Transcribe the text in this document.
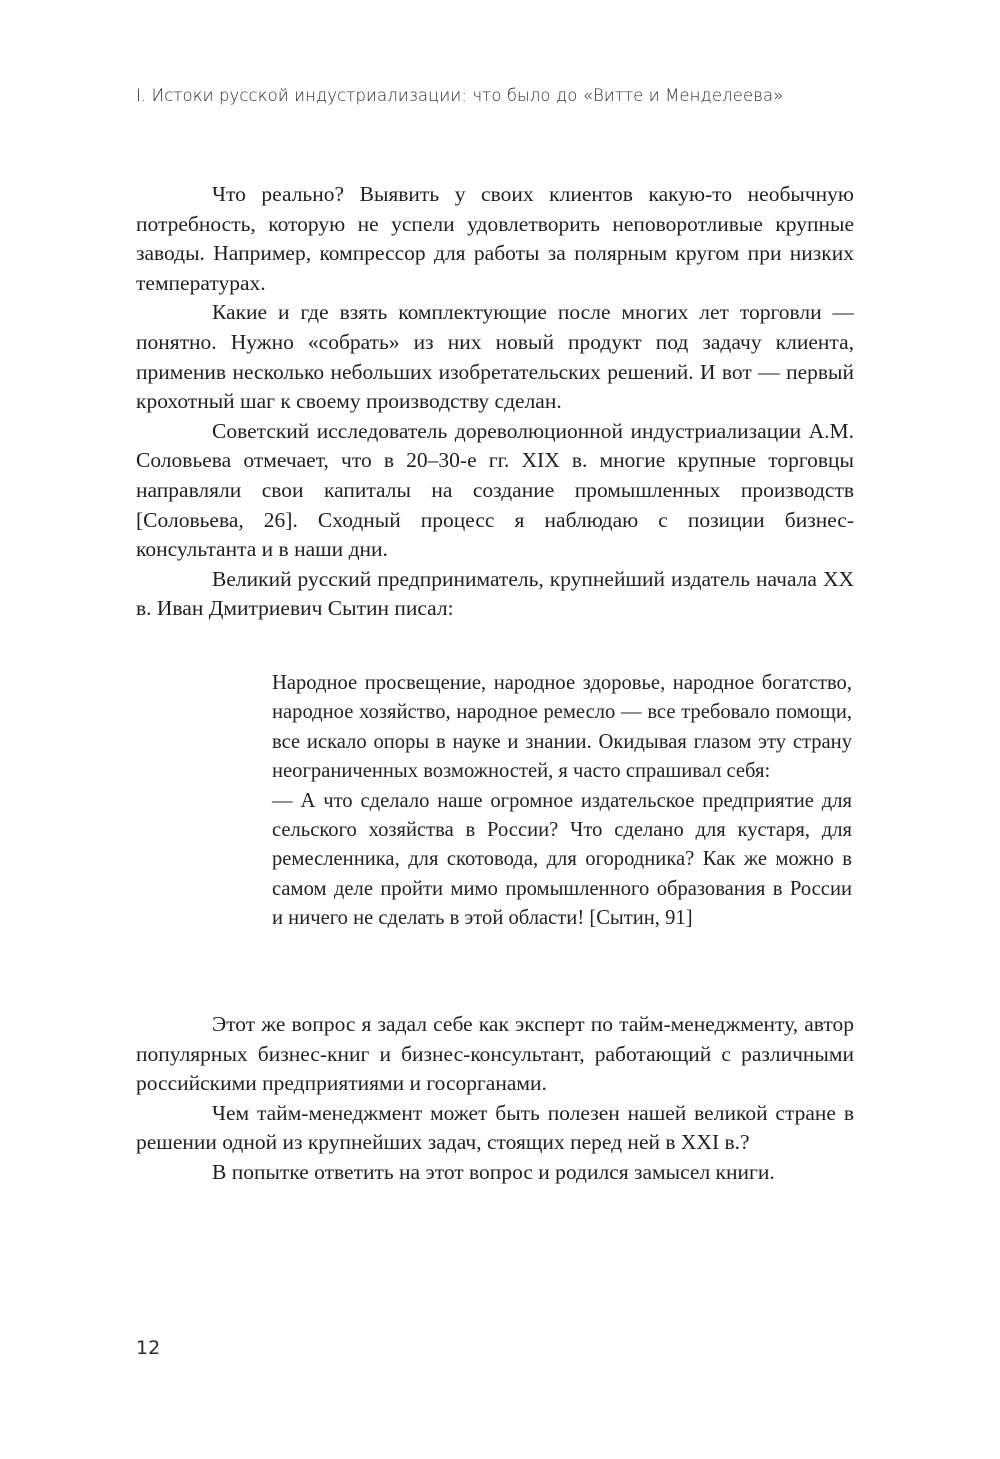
I. Истоки русской индустриализации: что было до «Витте и Менделеева»

Что реально? Выявить у своих клиентов какую-то необычную потребность, которую не успели удовлетворить неповоротливые крупные заводы. Например, компрессор для работы за полярным кругом при низких температурах.

Какие и где взять комплектующие после многих лет торговли — понятно. Нужно «собрать» из них новый продукт под задачу клиента, применив несколько небольших изобретательских решений. И вот — первый крохотный шаг к своему производству сделан.

Советский исследователь дореволюционной индустриализации А.М. Соловьева отмечает, что в 20–30-е гг. XIX в. многие крупные торговцы направляли свои капиталы на создание промышленных производств [Соловьева, 26]. Сходный процесс я наблюдаю с позиции бизнес-консультанта и в наши дни.

Великий русский предприниматель, крупнейший издатель начала XX в. Иван Дмитриевич Сытин писал:

Народное просвещение, народное здоровье, народное богатство, народное хозяйство, народное ремесло — все требовало помощи, все искало опоры в науке и знании. Окидывая глазом эту страну неограниченных возможностей, я часто спрашивал себя:

— А что сделало наше огромное издательское предприятие для сельского хозяйства в России? Что сделано для кустаря, для ремесленника, для скотовода, для огородника? Как же можно в самом деле пройти мимо промышленного образования в России и ничего не сделать в этой области! [Сытин, 91]

Этот же вопрос я задал себе как эксперт по тайм-менеджменту, автор популярных бизнес-книг и бизнес-консультант, работающий с различными российскими предприятиями и госорганами.

Чем тайм-менеджмент может быть полезен нашей великой стране в решении одной из крупнейших задач, стоящих перед ней в XXI в.?

В попытке ответить на этот вопрос и родился замысел книги.

12
